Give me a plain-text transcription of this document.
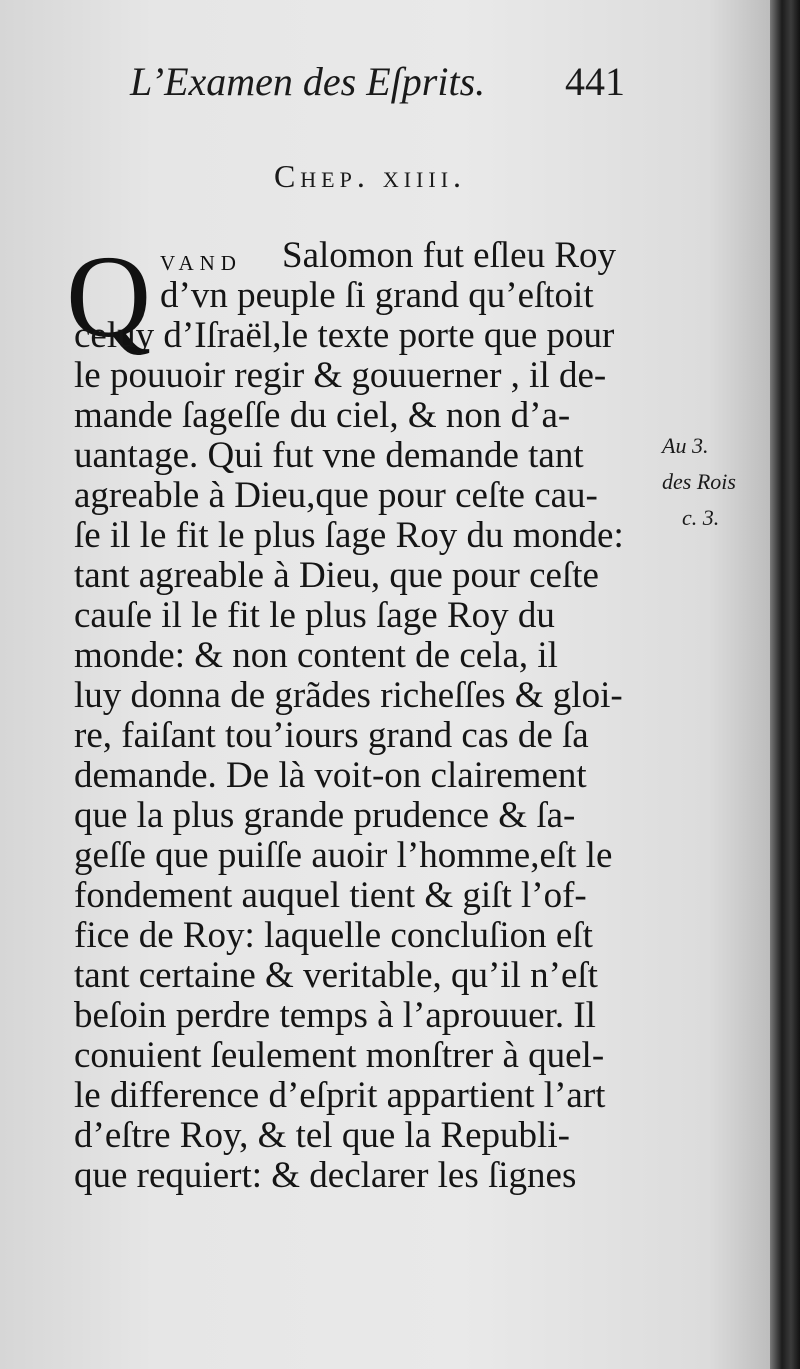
L’Examen des Eſprits. 441
Chep. xiiii.
Q vand Salomon fut eſleu Roy
d’vn peuple ſi grand qu’eſtoit
celuy d’Iſraël,le texte porte que pour
le pouuoir regir & gouuerner , il de-
mande ſageſſe du ciel, & non d’a-
uantage. Qui fut vne demande tant
agreable à Dieu,que pour ceſte cau-
ſe il le fit le plus ſage Roy du monde:
tant agreable à Dieu, que pour ceſte
cauſe il le fit le plus ſage Roy du
monde: & non content de cela, il
luy donna de grãdes richeſſes & gloi-
re, faiſant tou’iours grand cas de ſa
demande. De là voit-on clairement
que la plus grande prudence & ſa-
geſſe que puiſſe auoir l’homme,eſt le
fondement auquel tient & giſt l’of-
fice de Roy: laquelle concluſion eſt
tant certaine & veritable, qu’il n’eſt
beſoin perdre temps à l’aprouuer. Il
conuient ſeulement monſtrer à quel-
le difference d’eſprit appartient l’art
d’eſtre Roy, & tel que la Republi-
que requiert: & declarer les ſignes
Au 3.
des Rois
c. 3.
